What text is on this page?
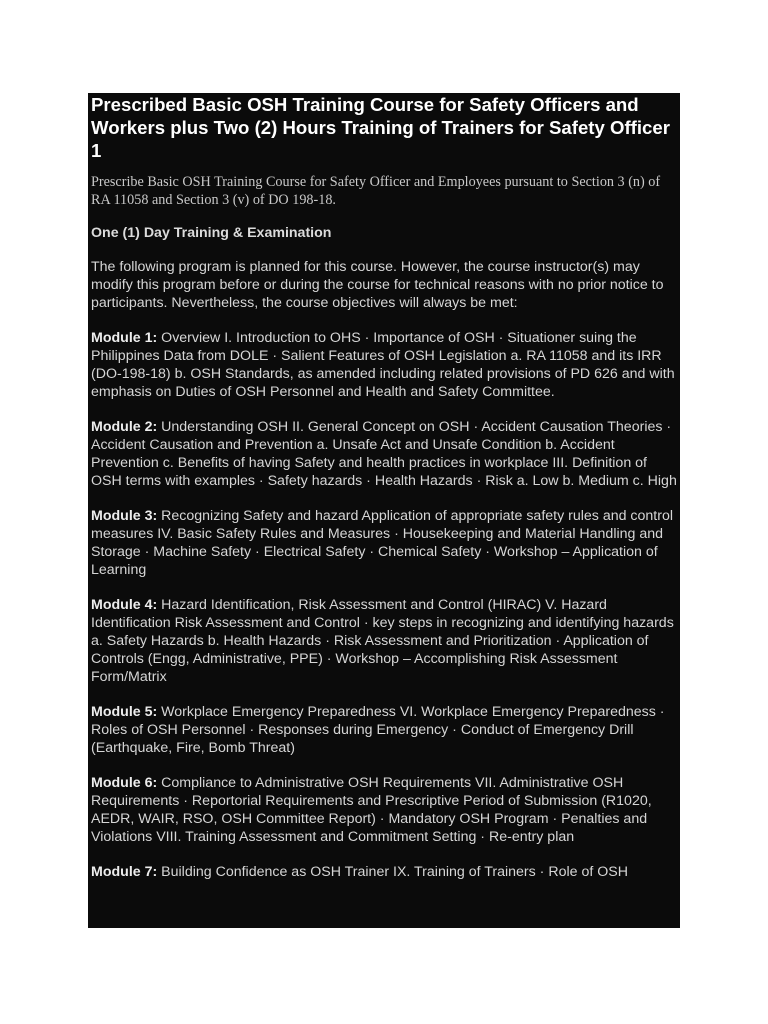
Prescribed Basic OSH Training Course for Safety Officers and Workers plus Two (2) Hours Training of Trainers for Safety Officer 1

Prescribe Basic OSH Training Course for Safety Officer and Employees pursuant to Section 3 (n) of RA 11058 and Section 3 (v) of DO 198-18.

One (1) Day Training & Examination

The following program is planned for this course. However, the course instructor(s) may modify this program before or during the course for technical reasons with no prior notice to participants. Nevertheless, the course objectives will always be met:

Module 1: Overview I. Introduction to OHS · Importance of OSH · Situationer suing the Philippines Data from DOLE · Salient Features of OSH Legislation a. RA 11058 and its IRR (DO-198-18) b. OSH Standards, as amended including related provisions of PD 626 and with emphasis on Duties of OSH Personnel and Health and Safety Committee.

Module 2: Understanding OSH II. General Concept on OSH · Accident Causation Theories · Accident Causation and Prevention a. Unsafe Act and Unsafe Condition b. Accident Prevention c. Benefits of having Safety and health practices in workplace III. Definition of OSH terms with examples · Safety hazards · Health Hazards · Risk a. Low b. Medium c. High

Module 3: Recognizing Safety and hazard Application of appropriate safety rules and control measures IV. Basic Safety Rules and Measures · Housekeeping and Material Handling and Storage · Machine Safety · Electrical Safety · Chemical Safety · Workshop – Application of Learning

Module 4: Hazard Identification, Risk Assessment and Control (HIRAC) V. Hazard Identification Risk Assessment and Control · key steps in recognizing and identifying hazards a. Safety Hazards b. Health Hazards · Risk Assessment and Prioritization · Application of Controls (Engg, Administrative, PPE) · Workshop – Accomplishing Risk Assessment Form/Matrix

Module 5: Workplace Emergency Preparedness VI. Workplace Emergency Preparedness · Roles of OSH Personnel · Responses during Emergency · Conduct of Emergency Drill (Earthquake, Fire, Bomb Threat)

Module 6: Compliance to Administrative OSH Requirements VII. Administrative OSH Requirements · Reportorial Requirements and Prescriptive Period of Submission (R1020, AEDR, WAIR, RSO, OSH Committee Report) · Mandatory OSH Program · Penalties and Violations VIII. Training Assessment and Commitment Setting · Re-entry plan

Module 7: Building Confidence as OSH Trainer IX. Training of Trainers · Role of OSH
